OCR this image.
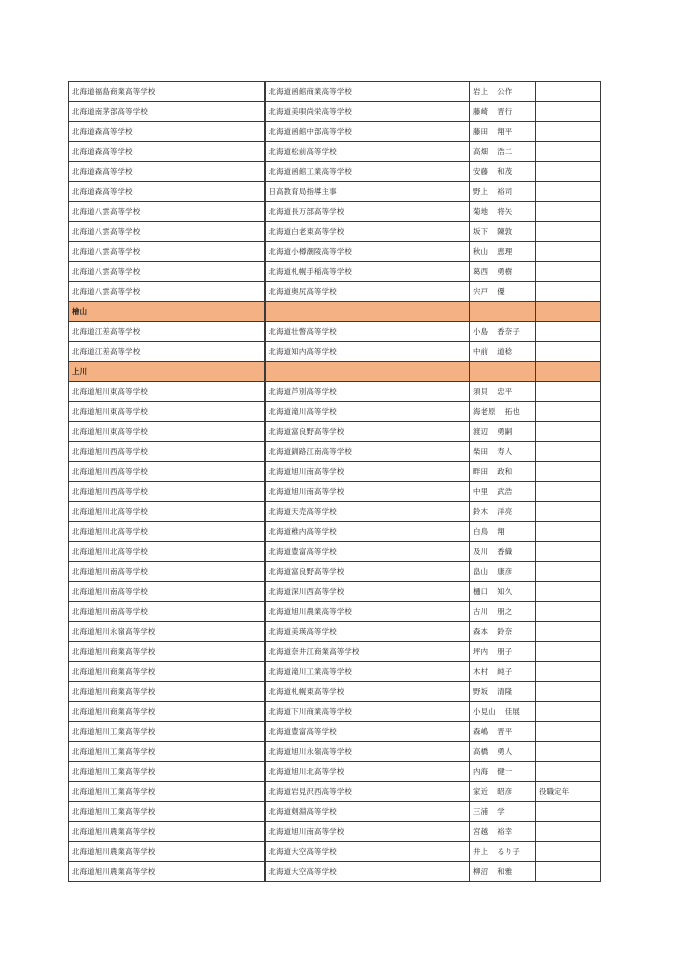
北海道福島商業高等学校	北海道函館商業高等学校	岩上 公作	
北海道南茅部高等学校	北海道美唄尚栄高等学校	藤崎 晋行	
北海道森高等学校	北海道函館中部高等学校	藤田 翔平	
北海道森高等学校	北海道松前高等学校	高畑 浩二	
北海道森高等学校	北海道函館工業高等学校	安藤 和茂	
北海道森高等学校	日高教育局指導主事	野上 裕司	
北海道八雲高等学校	北海道長万部高等学校	菊地 将矢	
北海道八雲高等学校	北海道白老東高等学校	坂下 陳敦	
北海道八雲高等学校	北海道小樽潮陵高等学校	秋山 恵理	
北海道八雲高等学校	北海道札幌手稲高等学校	葛西 勇樹	
北海道八雲高等学校	北海道奥尻高等学校	宍戸 優	
檜山			
北海道江差高等学校	北海道壮瞥高等学校	小島 香奈子	
北海道江差高等学校	北海道知内高等学校	中前 道稔	
上川			
北海道旭川東高等学校	北海道芦別高等学校	須貝 忠平	
北海道旭川東高等学校	北海道滝川高等学校	海老原 拓也	
北海道旭川東高等学校	北海道富良野高等学校	渡辺 勇嗣	
北海道旭川西高等学校	北海道釧路江南高等学校	柴田 寿人	
北海道旭川西高等学校	北海道旭川南高等学校	畔田 政和	
北海道旭川西高等学校	北海道旭川南高等学校	中里 武浩	
北海道旭川北高等学校	北海道天売高等学校	鈴木 洋亮	
北海道旭川北高等学校	北海道稚内高等学校	白鳥 翔	
北海道旭川北高等学校	北海道豊富高等学校	及川 香織	
北海道旭川南高等学校	北海道富良野高等学校	畠山 康彦	
北海道旭川南高等学校	北海道深川西高等学校	樋口 知久	
北海道旭川南高等学校	北海道旭川農業高等学校	古川 朋之	
北海道旭川永嶺高等学校	北海道美瑛高等学校	森本 鈴奈	
北海道旭川商業高等学校	北海道奈井江商業高等学校	坪内 朋子	
北海道旭川商業高等学校	北海道滝川工業高等学校	木村 純子	
北海道旭川商業高等学校	北海道札幌東高等学校	野坂 清隆	
北海道旭川商業高等学校	北海道下川商業高等学校	小見山 佳展	
北海道旭川工業高等学校	北海道豊富高等学校	森嶋 晋平	
北海道旭川工業高等学校	北海道旭川永嶺高等学校	高橋 勇人	
北海道旭川工業高等学校	北海道旭川北高等学校	内海 健一	
北海道旭川工業高等学校	北海道岩見沢西高等学校	家近 昭彦	役職定年
北海道旭川工業高等学校	北海道剣淵高等学校	三浦 学	
北海道旭川農業高等学校	北海道旭川南高等学校	宮越 裕幸	
北海道旭川農業高等学校	北海道大空高等学校	井上 るり子	
北海道旭川農業高等学校	北海道大空高等学校	柳沼 和雅	
